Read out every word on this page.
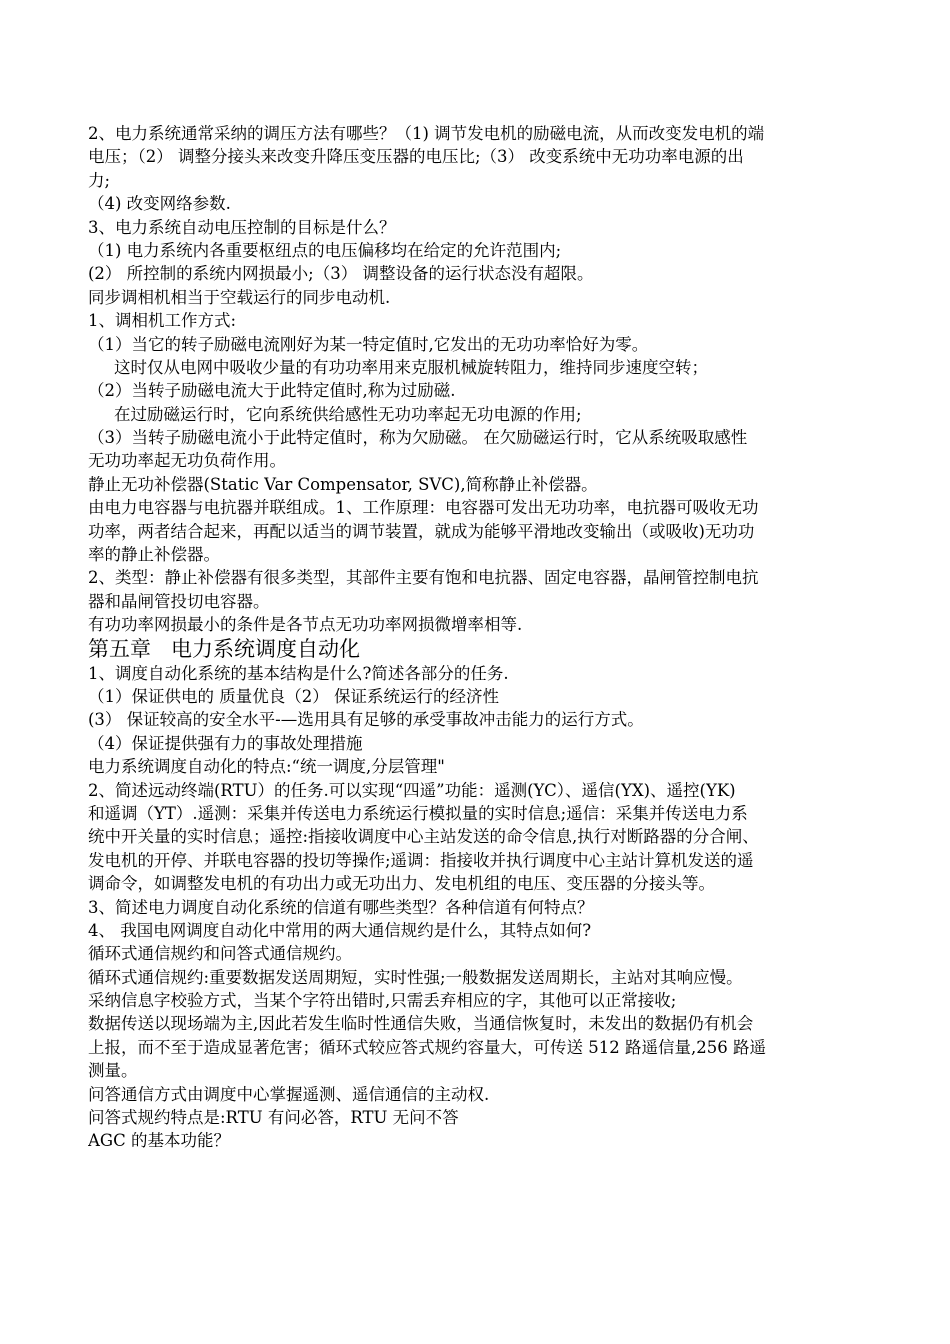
2、电力系统通常采纳的调压方法有哪些？（1) 调节发电机的励磁电流，从而改变发电机的端
电压；（2） 调整分接头来改变升降压变压器的电压比;（3） 改变系统中无功功率电源的出
力;
（4) 改变网络参数.
3、电力系统自动电压控制的目标是什么？
（1) 电力系统内各重要枢纽点的电压偏移均在给定的允许范围内;
(2） 所控制的系统内网损最小;（3） 调整设备的运行状态没有超限。
同步调相机相当于空载运行的同步电动机.
1、调相机工作方式:
（1）当它的转子励磁电流刚好为某一特定值时,它发出的无功功率恰好为零。
这时仅从电网中吸收少量的有功功率用来克服机械旋转阻力，维持同步速度空转；
（2）当转子励磁电流大于此特定值时,称为过励磁.
在过励磁运行时，它向系统供给感性无功功率起无功电源的作用;
（3）当转子励磁电流小于此特定值时，称为欠励磁。 在欠励磁运行时，它从系统吸取感性
无功功率起无功负荷作用。
静止无功补偿器(Static Var Compensator, SVC),简称静止补偿器。
由电力电容器与电抗器并联组成。1、工作原理：电容器可发出无功功率，电抗器可吸收无功
功率，两者结合起来，再配以适当的调节装置，就成为能够平滑地改变输出（或吸收)无功功
率的静止补偿器。
2、类型：静止补偿器有很多类型，其部件主要有饱和电抗器、固定电容器，晶闸管控制电抗
器和晶闸管投切电容器。
有功功率网损最小的条件是各节点无功功率网损微增率相等.
第五章   电力系统调度自动化
1、调度自动化系统的基本结构是什么?简述各部分的任务.
（1）保证供电的 质量优良（2） 保证系统运行的经济性
(3） 保证较高的安全水平-—选用具有足够的承受事故冲击能力的运行方式。
（4）保证提供强有力的事故处理措施
电力系统调度自动化的特点:“统一调度,分层管理"
2、简述远动终端(RTU）的任务.可以实现“四遥”功能：遥测(YC）、遥信(YX)、遥控(YK)
和遥调（YT）.遥测：采集并传送电力系统运行模拟量的实时信息;遥信：采集并传送电力系
统中开关量的实时信息；遥控:指接收调度中心主站发送的命令信息,执行对断路器的分合闸、
发电机的开停、并联电容器的投切等操作;遥调：指接收并执行调度中心主站计算机发送的遥
调命令，如调整发电机的有功出力或无功出力、发电机组的电压、变压器的分接头等。
3、简述电力调度自动化系统的信道有哪些类型？各种信道有何特点？
4、 我国电网调度自动化中常用的两大通信规约是什么，其特点如何?
循环式通信规约和问答式通信规约。
循环式通信规约:重要数据发送周期短，实时性强;一般数据发送周期长，主站对其响应慢。
采纳信息字校验方式，当某个字符出错时,只需丢弃相应的字，其他可以正常接收;
数据传送以现场端为主,因此若发生临时性通信失败，当通信恢复时，未发出的数据仍有机会
上报，而不至于造成显著危害；循环式较应答式规约容量大，可传送 512 路遥信量,256 路遥
测量。
问答通信方式由调度中心掌握遥测、遥信通信的主动权.
问答式规约特点是:RTU 有问必答，RTU 无问不答
AGC 的基本功能？
